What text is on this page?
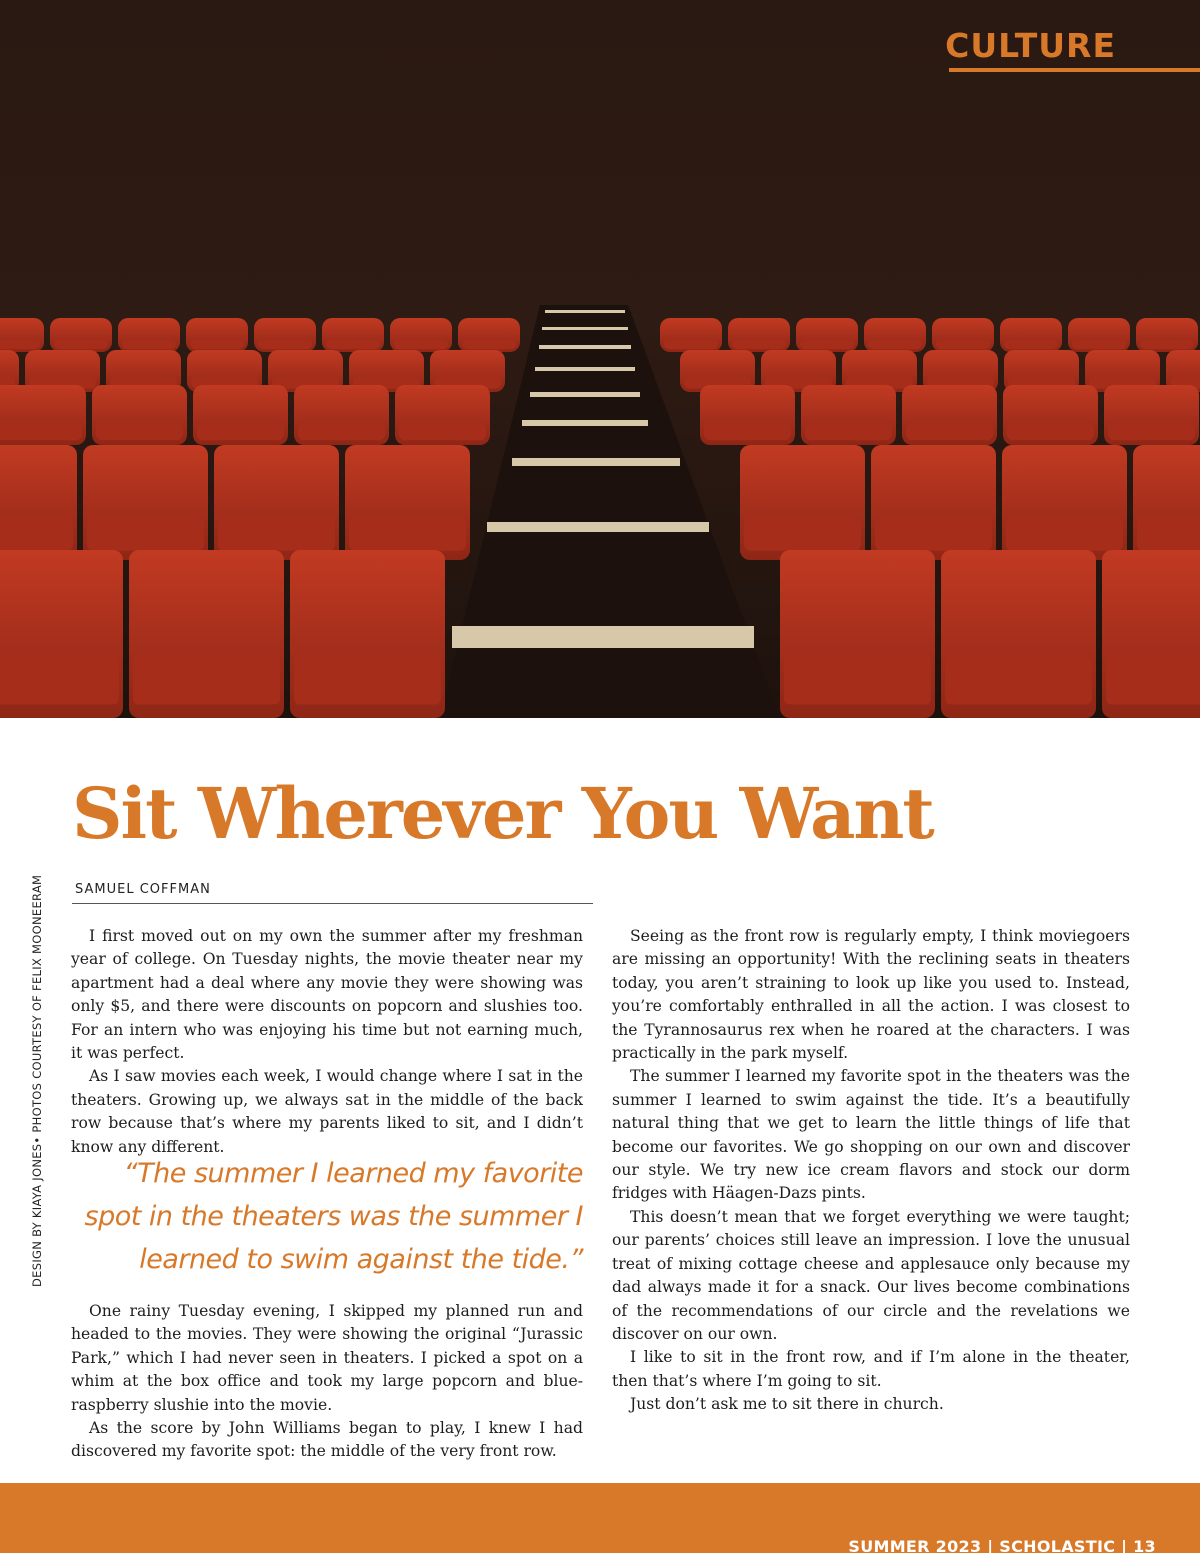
CULTURE
DESIGN BY KIAYA JONES• PHOTOS COURTESY OF FELIX MOONEERAM
Sit Wherever You Want
SAMUEL COFFMAN

I first moved out on my own the summer after my freshman year of college. On Tuesday nights, the movie theater near my apartment had a deal where any movie they were showing was only $5, and there were discounts on popcorn and slushies too. For an intern who was enjoying his time but not earning much, it was perfect.

As I saw movies each week, I would change where I sat in the theaters. Growing up, we always sat in the middle of the back row because that’s where my parents liked to sit, and I didn’t know any different.

“The summer I learned my favorite spot in the theaters was the summer I learned to swim against the tide.”

One rainy Tuesday evening, I skipped my planned run and headed to the movies. They were showing the original “Jurassic Park,” which I had never seen in theaters. I picked a spot on a whim at the box office and took my large popcorn and blue-raspberry slushie into the movie.

As the score by John Williams began to play, I knew I had discovered my favorite spot: the middle of the very front row.

Seeing as the front row is regularly empty, I think moviegoers are missing an opportunity! With the reclining seats in theaters today, you aren’t straining to look up like you used to. Instead, you’re comfortably enthralled in all the action. I was closest to the Tyrannosaurus rex when he roared at the characters. I was practically in the park myself.

The summer I learned my favorite spot in the theaters was the summer I learned to swim against the tide. It’s a beautifully natural thing that we get to learn the little things of life that become our favorites. We go shopping on our own and discover our style. We try new ice cream flavors and stock our dorm fridges with Häagen-Dazs pints.

This doesn’t mean that we forget everything we were taught; our parents’ choices still leave an impression. I love the unusual treat of mixing cottage cheese and applesauce only because my dad always made it for a snack. Our lives become combinations of the recommendations of our circle and the revelations we discover on our own.

I like to sit in the front row, and if I’m alone in the theater, then that’s where I’m going to sit.

Just don’t ask me to sit there in church.

SUMMER 2023 | SCHOLASTIC | 13
